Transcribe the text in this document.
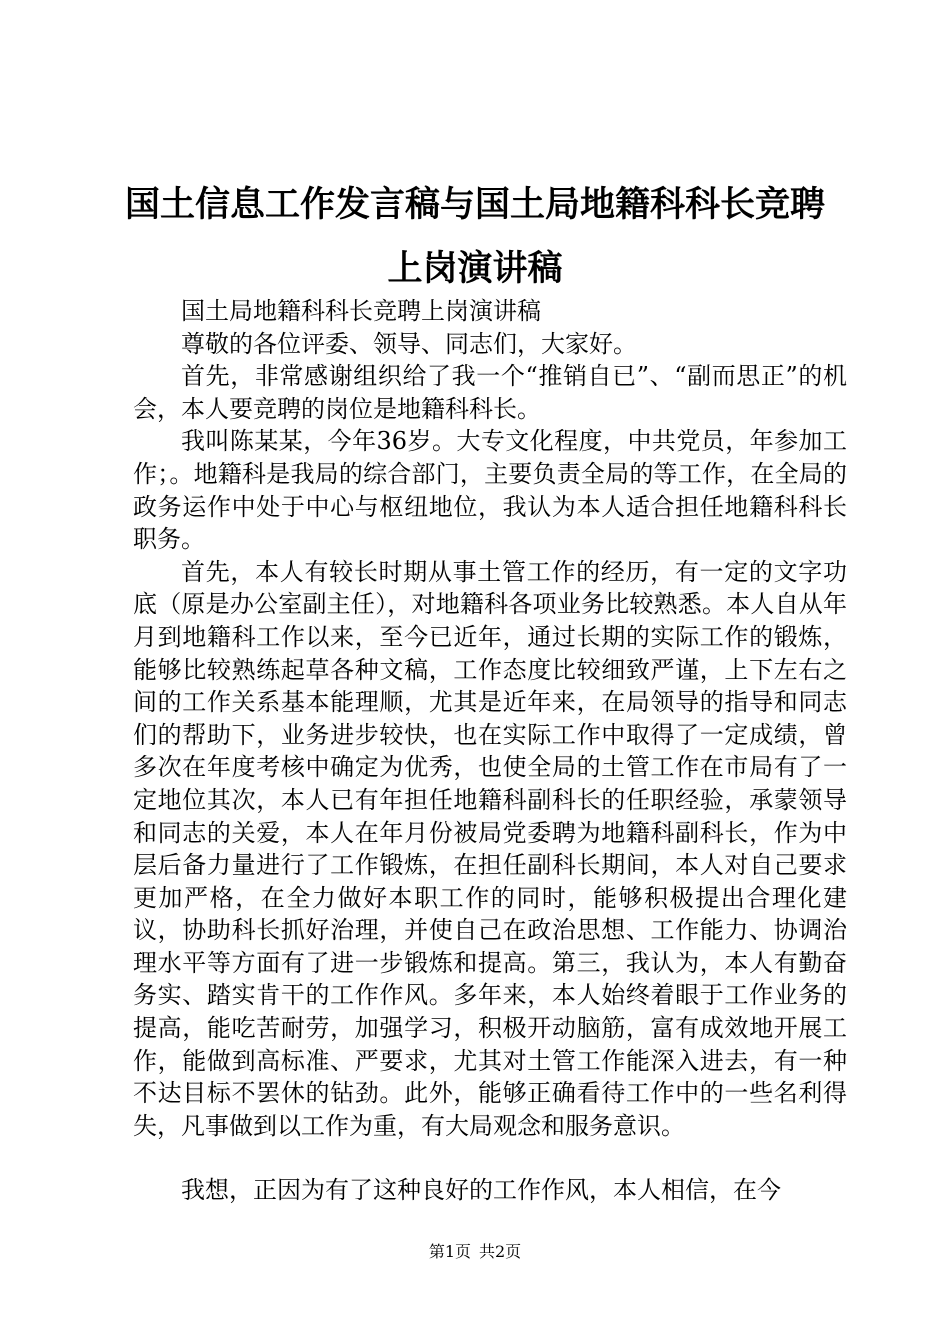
国土信息工作发言稿与国土局地籍科科长竞聘
上岗演讲稿

国土局地籍科科长竞聘上岗演讲稿

尊敬的各位评委、领导、同志们，大家好。

首先，非常感谢组织给了我一个“推销自已”、“副而思正”的机会，本人要竞聘的岗位是地籍科科长。

我叫陈某某，今年36岁。大专文化程度，中共党员，年参加工作；。地籍科是我局的综合部门，主要负责全局的等工作，在全局的政务运作中处于中心与枢纽地位，我认为本人适合担任地籍科科长职务。

首先，本人有较长时期从事土管工作的经历，有一定的文字功底（原是办公室副主任），对地籍科各项业务比较熟悉。本人自从年月到地籍科工作以来，至今已近年，通过长期的实际工作的锻炼，能够比较熟练起草各种文稿，工作态度比较细致严谨，上下左右之间的工作关系基本能理顺，尤其是近年来，在局领导的指导和同志们的帮助下，业务进步较快，也在实际工作中取得了一定成绩，曾多次在年度考核中确定为优秀，也使全局的土管工作在市局有了一定地位其次，本人已有年担任地籍科副科长的任职经验，承蒙领导和同志的关爱，本人在年月份被局党委聘为地籍科副科长，作为中层后备力量进行了工作锻炼，在担任副科长期间，本人对自己要求更加严格，在全力做好本职工作的同时，能够积极提出合理化建议，协助科长抓好治理，并使自己在政治思想、工作能力、协调治理水平等方面有了进一步锻炼和提高。第三，我认为，本人有勤奋务实、踏实肯干的工作作风。多年来，本人始终着眼于工作业务的提高，能吃苦耐劳，加强学习，积极开动脑筋，富有成效地开展工作，能做到高标准、严要求，尤其对土管工作能深入进去，有一种不达目标不罢休的钻劲。此外，能够正确看待工作中的一些名利得失，凡事做到以工作为重，有大局观念和服务意识。

我想，正因为有了这种良好的工作作风，本人相信，在今

第1页 共2页
